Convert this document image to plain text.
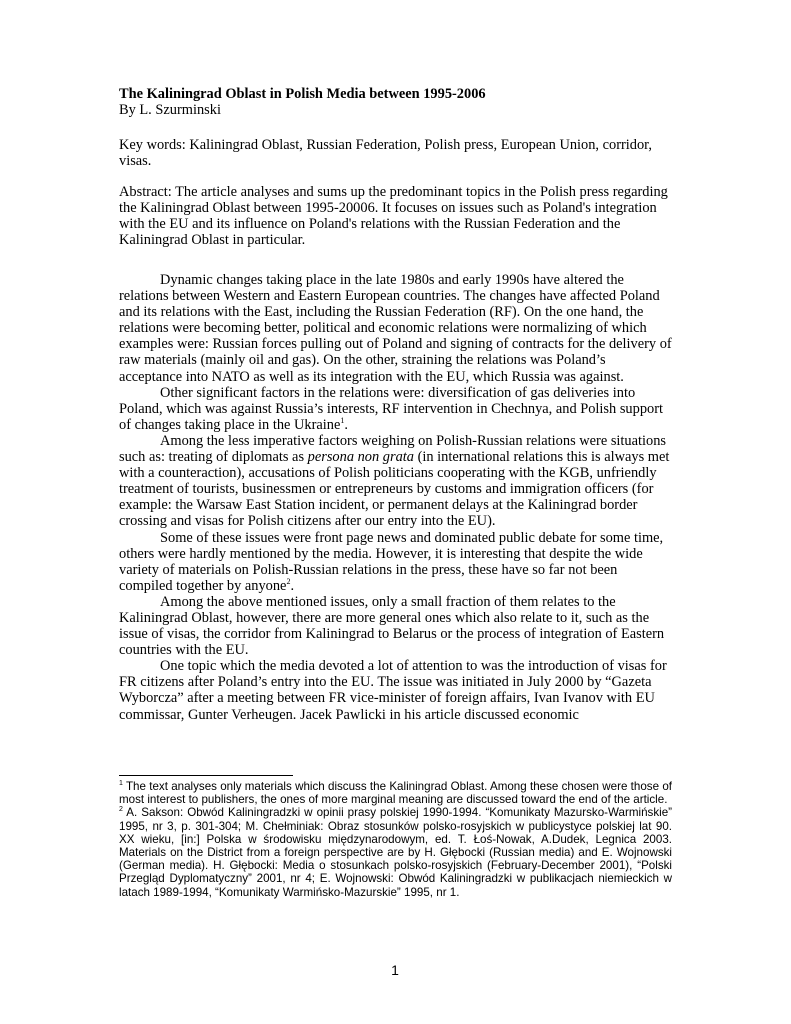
The Kaliningrad Oblast in Polish Media between 1995-2006
By L. Szurminski
Key words: Kaliningrad Oblast, Russian Federation, Polish press, European Union, corridor, visas.
Abstract: The article analyses and sums up the predominant topics in the Polish press regarding the Kaliningrad Oblast between 1995-20006. It focuses on issues such as Poland's integration with the EU and its influence on Poland's relations with the Russian Federation and the Kaliningrad Oblast in particular.

Dynamic changes taking place in the late 1980s and early 1990s have altered the relations between Western and Eastern European countries. The changes have affected Poland and its relations with the East, including the Russian Federation (RF). On the one hand, the relations were becoming better, political and economic relations were normalizing of which examples were: Russian forces pulling out of Poland and signing of contracts for the delivery of raw materials (mainly oil and gas). On the other, straining the relations was Poland’s acceptance into NATO as well as its integration with the EU, which Russia was against.

Other significant factors in the relations were: diversification of gas deliveries into Poland, which was against Russia’s interests, RF intervention in Chechnya, and Polish support of changes taking place in the Ukraine$^1$.

Among the less imperative factors weighing on Polish-Russian relations were situations such as: treating of diplomats as persona non grata (in international relations this is always met with a counteraction), accusations of Polish politicians cooperating with the KGB, unfriendly treatment of tourists, businessmen or entrepreneurs by customs and immigration officers (for example: the Warsaw East Station incident, or permanent delays at the Kaliningrad border crossing and visas for Polish citizens after our entry into the EU).

Some of these issues were front page news and dominated public debate for some time, others were hardly mentioned by the media. However, it is interesting that despite the wide variety of materials on Polish-Russian relations in the press, these have so far not been compiled together by anyone$^2$.

Among the above mentioned issues, only a small fraction of them relates to the Kaliningrad Oblast, however, there are more general ones which also relate to it, such as the issue of visas, the corridor from Kaliningrad to Belarus or the process of integration of Eastern countries with the EU.

One topic which the media devoted a lot of attention to was the introduction of visas for FR citizens after Poland’s entry into the EU. The issue was initiated in July 2000 by “Gazeta Wyborcza” after a meeting between FR vice-minister of foreign affairs, Ivan Ivanov with EU commissar, Gunter Verheugen. Jacek Pawlicki in his article discussed economic

$^1$ The text analyses only materials which discuss the Kaliningrad Oblast. Among these chosen were those of most interest to publishers, the ones of more marginal meaning are discussed toward the end of the article.

$^2$ A. Sakson: Obwód Kaliningradzki w opinii prasy polskiej 1990-1994. “Komunikaty Mazursko-Warmińskie” 1995, nr 3, p. 301-304; M. Chełminiak: Obraz stosunków polsko-rosyjskich w publicystyce polskiej lat 90. XX wieku, [in:] Polska w środowisku międzynarodowym, ed. T. Łoś-Nowak, A.Dudek, Legnica 2003. Materials on the District from a foreign perspective are by H. Głębocki (Russian media) and E. Wojnowski (German media). H. Głębocki: Media o stosunkach polsko-rosyjskich (February-December 2001), “Polski Przegląd Dyplomatyczny” 2001, nr 4; E. Wojnowski: Obwód Kaliningradzki w publikacjach niemieckich w latach 1989-1994, “Komunikaty Warmińsko-Mazurskie” 1995, nr 1.

1
